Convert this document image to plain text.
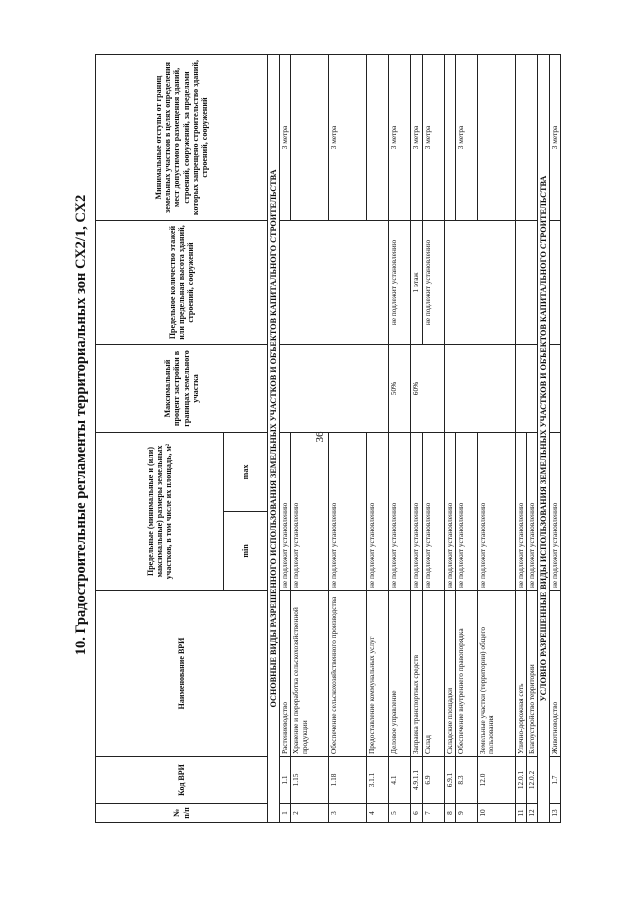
36
10. Градостроительные регламенты территориальных зон СХ2/1, СХ2
№ п/п	Код ВРИ	Наименование ВРИ	Предельные (минимальные и (или) максимальные) размеры земельных участков, в том числе их площадь, м²		Максимальный процент застройки в границах земельного участка	Предельное количество этажей или предельная высота зданий, строений, сооружений	Минимальные отступы от границ земельных участков в целях определения мест допустимого размещения зданий, строений, сооружений, за пределами которых запрещено строительство зданий, строений, сооружений
			min	max			
ОСНОВНЫЕ ВИДЫ РАЗРЕШЕННОГО ИСПОЛЬЗОВАНИЯ ЗЕМЕЛЬНЫХ УЧАСТКОВ И ОБЪЕКТОВ КАПИТАЛЬНОГО СТРОИТЕЛЬСТВА							
1	1.1	Растениеводство	не подлежит установлению				3 метра
2	1.15	Хранение и переработка сельскохозяйственной продукции	не подлежит установлению				
3	1.18	Обеспечение сельскохозяйственного производства	не подлежит установлению				3 метра
4	3.1.1	Предоставление коммунальных услуг	не подлежит установлению				
5	4.1	Деловое управление	не подлежит установлению		50%	не подлежит установлению	3 метра
6	4.9.1.1	Заправка транспортных средств	не подлежит установлению		60%	1 этаж	3 метра
7	6.9	Склад	не подлежит установлению			не подлежит установлению	3 метра
8	6.9.1	Складские площадки	не подлежит установлению				
9	8.3	Обеспечение внутреннего правопорядка	не подлежит установлению				3 метра
10	12.0	Земельные участки (территории) общего пользования	не подлежит установлению				
11	12.0.1	Улично-дорожная сеть	не подлежит установлению				
12	12.0.2	Благоустройство территории	не подлежит установлению				
УСЛОВНО РАЗРЕШЕННЫЕ ВИДЫ ИСПОЛЬЗОВАНИЯ ЗЕМЕЛЬНЫХ УЧАСТКОВ И ОБЪЕКТОВ КАПИТАЛЬНОГО СТРОИТЕЛЬСТВА							
13	1.7	Животноводство	не подлежит установлению				3 метра
